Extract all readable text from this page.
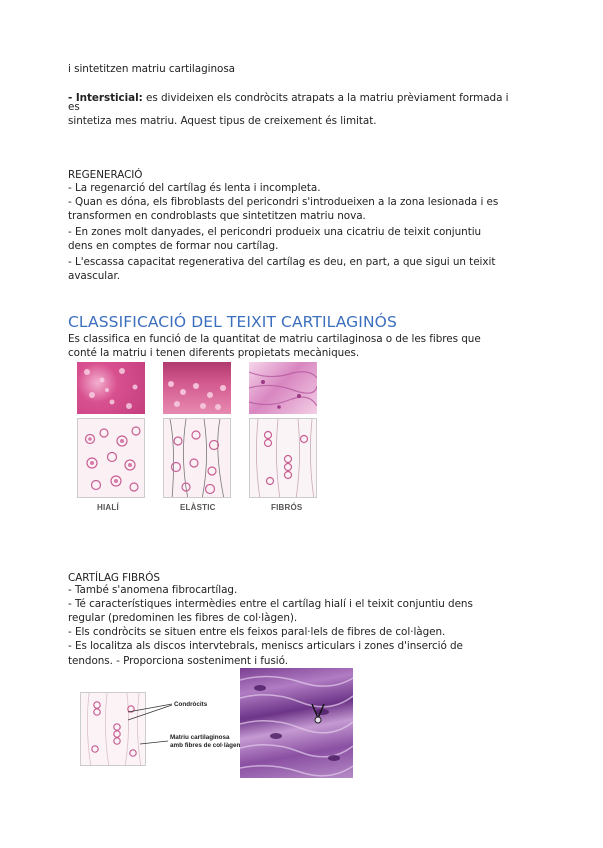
i sintetitzen matriu cartilaginosa
- Intersticial: es divideixen els condròcits atrapats a la matriu prèviament formada i
es
sintetiza mes matriu. Aquest tipus de creixement és limitat.
REGENERACIÓ
- La regenarció del cartílag és lenta i incompleta.
- Quan es dóna, els fibroblasts del pericondri s'introdueixen a la zona lesionada i es
transformen en condroblasts que sintetitzen matriu nova.
- En zones molt danyades, el pericondri produeix una cicatriu de teixit conjuntiu
dens en comptes de formar nou cartílag.
- L'escassa capacitat regenerativa del cartílag es deu, en part, a que sigui un teixit
avascular.
CLASSIFICACIÓ DEL TEIXIT CARTILAGINÓS
Es classifica en funció de la quantitat de matriu cartilaginosa o de les fibres que
conté la matriu i tenen diferents propietats mecàniques.
HIALÍ	ELÀSTIC	FIBRÓS
CARTÍLAG FIBRÓS
- També s'anomena fibrocartílag.
- Té característiques intermèdies entre el cartílag hialí i el teixit conjuntiu dens
regular (predominen les fibres de col·làgen).
- Els condròcits se situen entre els feixos paral·lels de fibres de col·làgen.
- Es localitza als discos intervtebrals, meniscs articulars i zones d'inserció de
tendons. - Proporciona sosteniment i fusió.
Condròcits
Matriu cartilaginosa
amb fibres de col·làgen
